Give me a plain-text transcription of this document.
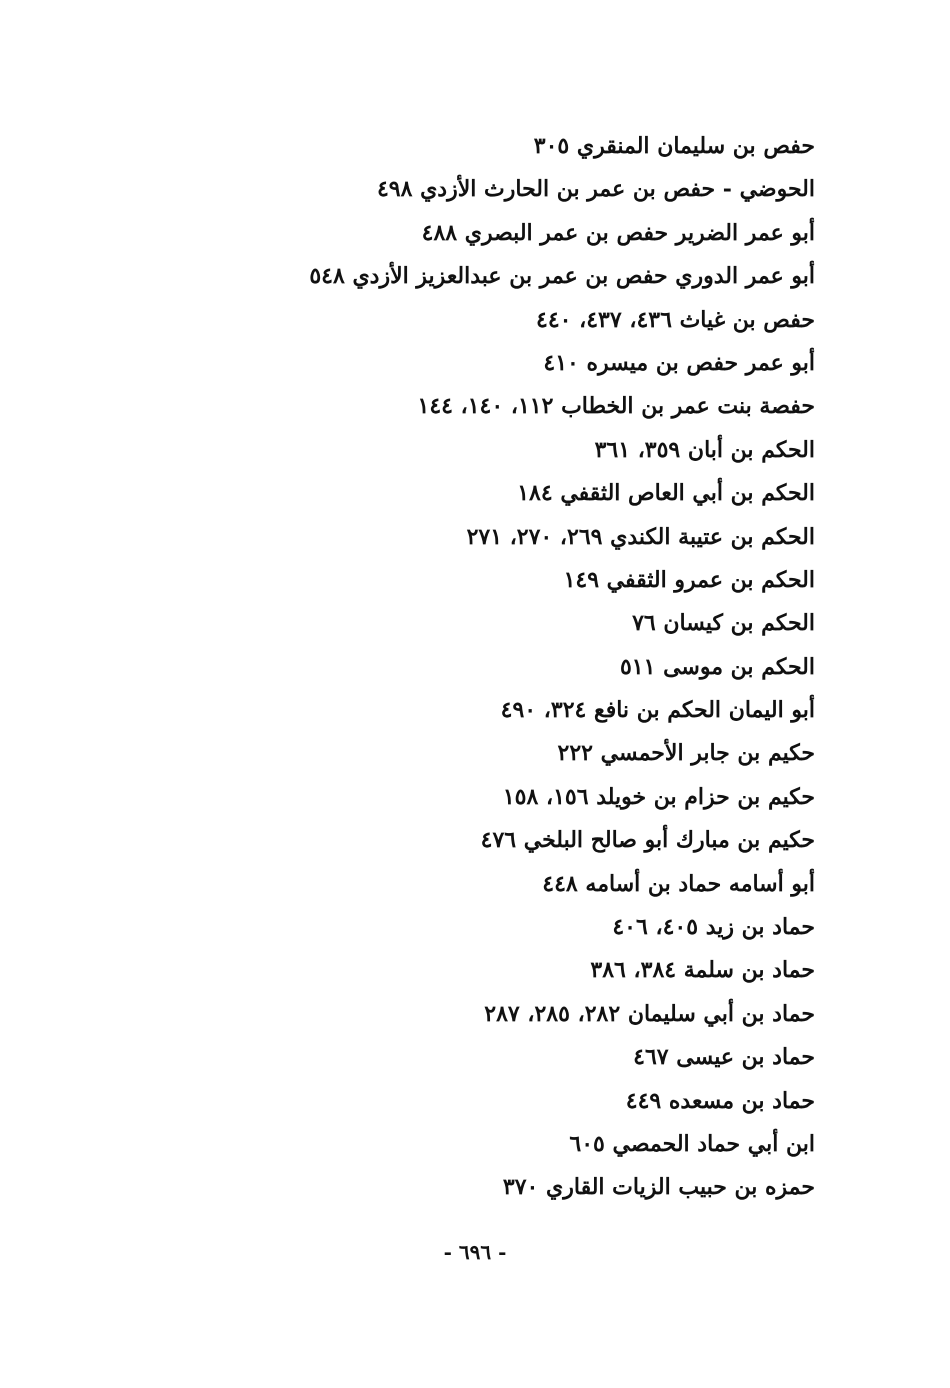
حفص بن سليمان المنقري ٣٠٥
الحوضي - حفص بن عمر بن الحارث الأزدي ٤٩٨
أبو عمر الضرير حفص بن عمر البصري ٤٨٨
أبو عمر الدوري حفص بن عمر بن عبدالعزيز الأزدي ٥٤٨
حفص بن غياث ٤٣٦، ٤٣٧، ٤٤٠
أبو عمر حفص بن ميسره ٤١٠
حفصة بنت عمر بن الخطاب ١١٢، ١٤٠، ١٤٤
الحكم بن أبان ٣٥٩، ٣٦١
الحكم بن أبي العاص الثقفي ١٨٤
الحكم بن عتيبة الكندي ٢٦٩، ٢٧٠، ٢٧١
الحكم بن عمرو الثقفي ١٤٩
الحكم بن كيسان ٧٦
الحكم بن موسى ٥١١
أبو اليمان الحكم بن نافع ٣٢٤، ٤٩٠
حكيم بن جابر الأحمسي ٢٢٢
حكيم بن حزام بن خويلد ١٥٦، ١٥٨
حكيم بن مبارك أبو صالح البلخي ٤٧٦
أبو أسامه حماد بن أسامه ٤٤٨
حماد بن زيد ٤٠٥، ٤٠٦
حماد بن سلمة ٣٨٤، ٣٨٦
حماد بن أبي سليمان ٢٨٢، ٢٨٥، ٢٨٧
حماد بن عيسى ٤٦٧
حماد بن مسعده ٤٤٩
ابن أبي حماد الحمصي ٦٠٥
حمزه بن حبيب الزيات القاري ٣٧٠
- ٦٩٦ -
